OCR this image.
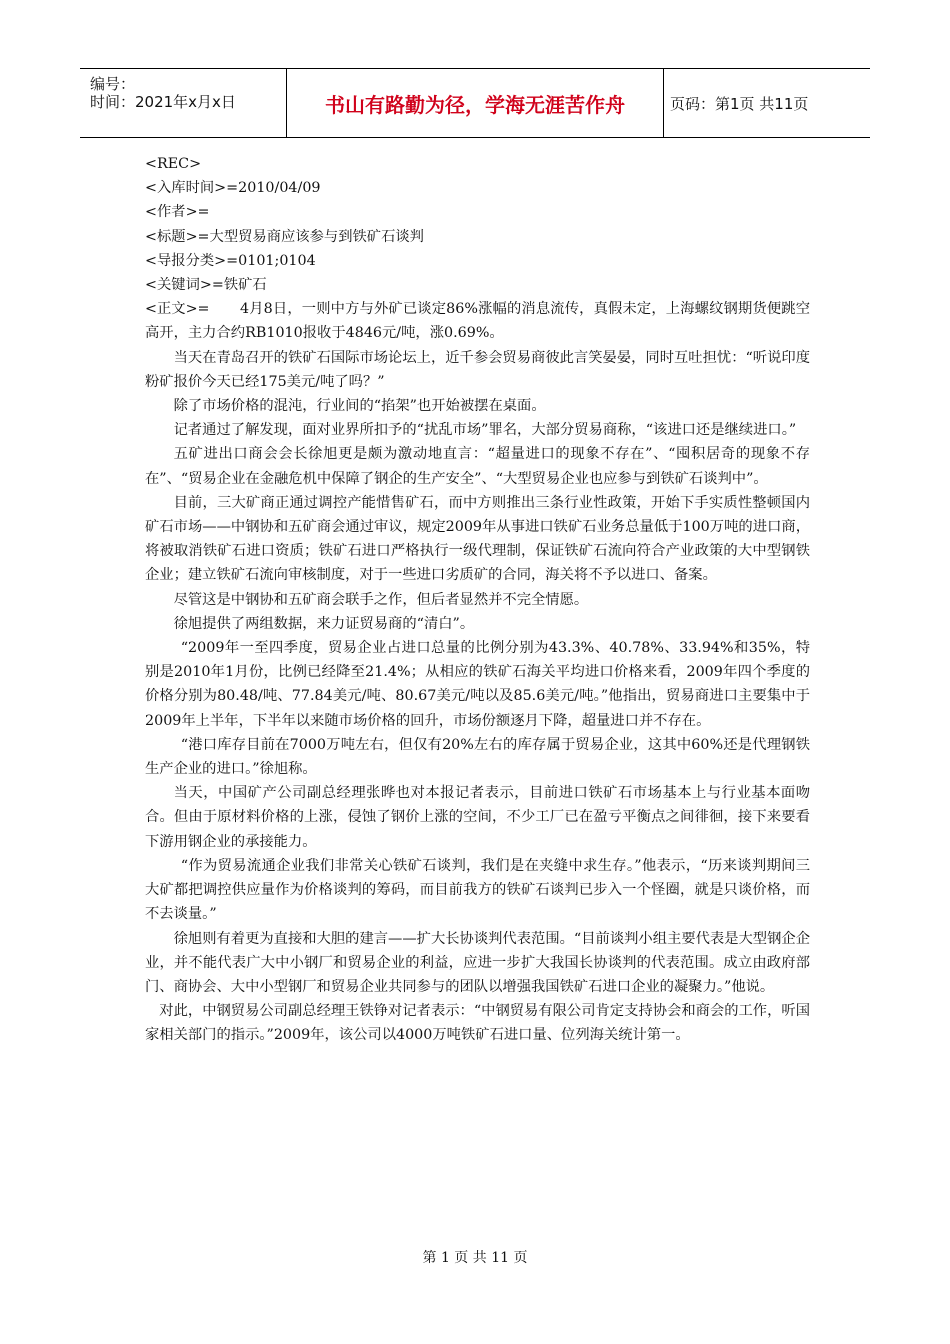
编号：
时间：2021年x月x日	书山有路勤为径，学海无涯苦作舟	页码：第1页 共11页

<REC>

<入库时间>=2010/04/09

<作者>=

<标题>=大型贸易商应该参与到铁矿石谈判

<导报分类>=0101;0104

<关键词>=铁矿石

<正文>= 4月8日，一则中方与外矿已谈定86%涨幅的消息流传，真假未定，上海螺纹钢期货便跳空高开，主力合约RB1010报收于4846元/吨，涨0.69%。

当天在青岛召开的铁矿石国际市场论坛上，近千参会贸易商彼此言笑晏晏，同时互吐担忧：“听说印度粉矿报价今天已经175美元/吨了吗？”

除了市场价格的混沌，行业间的“掐架”也开始被摆在桌面。

记者通过了解发现，面对业界所扣予的“扰乱市场”罪名，大部分贸易商称，“该进口还是继续进口。”

五矿进出口商会会长徐旭更是颇为激动地直言：“超量进口的现象不存在”、“囤积居奇的现象不存在”、“贸易企业在金融危机中保障了钢企的生产安全”、“大型贸易企业也应参与到铁矿石谈判中”。

目前，三大矿商正通过调控产能惜售矿石，而中方则推出三条行业性政策，开始下手实质性整顿国内矿石市场——中钢协和五矿商会通过审议，规定2009年从事进口铁矿石业务总量低于100万吨的进口商，将被取消铁矿石进口资质；铁矿石进口严格执行一级代理制，保证铁矿石流向符合产业政策的大中型钢铁企业；建立铁矿石流向审核制度，对于一些进口劣质矿的合同，海关将不予以进口、备案。

尽管这是中钢协和五矿商会联手之作，但后者显然并不完全情愿。

徐旭提供了两组数据，来力证贸易商的“清白”。

“2009年一至四季度，贸易企业占进口总量的比例分别为43.3%、40.78%、33.94%和35%，特别是2010年1月份，比例已经降至21.4%；从相应的铁矿石海关平均进口价格来看，2009年四个季度的价格分别为80.48/吨、77.84美元/吨、80.67美元/吨以及85.6美元/吨。”他指出，贸易商进口主要集中于2009年上半年，下半年以来随市场价格的回升，市场份额逐月下降，超量进口并不存在。

“港口库存目前在7000万吨左右，但仅有20%左右的库存属于贸易企业，这其中60%还是代理钢铁生产企业的进口。”徐旭称。

当天，中国矿产公司副总经理张晔也对本报记者表示，目前进口铁矿石市场基本上与行业基本面吻合。但由于原材料价格的上涨，侵蚀了钢价上涨的空间，不少工厂已在盈亏平衡点之间徘徊，接下来要看下游用钢企业的承接能力。

“作为贸易流通企业我们非常关心铁矿石谈判，我们是在夹缝中求生存。”他表示，“历来谈判期间三大矿都把调控供应量作为价格谈判的筹码，而目前我方的铁矿石谈判已步入一个怪圈，就是只谈价格，而不去谈量。”

徐旭则有着更为直接和大胆的建言——扩大长协谈判代表范围。“目前谈判小组主要代表是大型钢企企业，并不能代表广大中小钢厂和贸易企业的利益，应进一步扩大我国长协谈判的代表范围。成立由政府部门、商协会、大中小型钢厂和贸易企业共同参与的团队以增强我国铁矿石进口企业的凝聚力。”他说。

对此，中钢贸易公司副总经理王铁铮对记者表示：“中钢贸易有限公司肯定支持协会和商会的工作，听国家相关部门的指示。”2009年，该公司以4000万吨铁矿石进口量、位列海关统计第一。

第 1 页 共 11 页
